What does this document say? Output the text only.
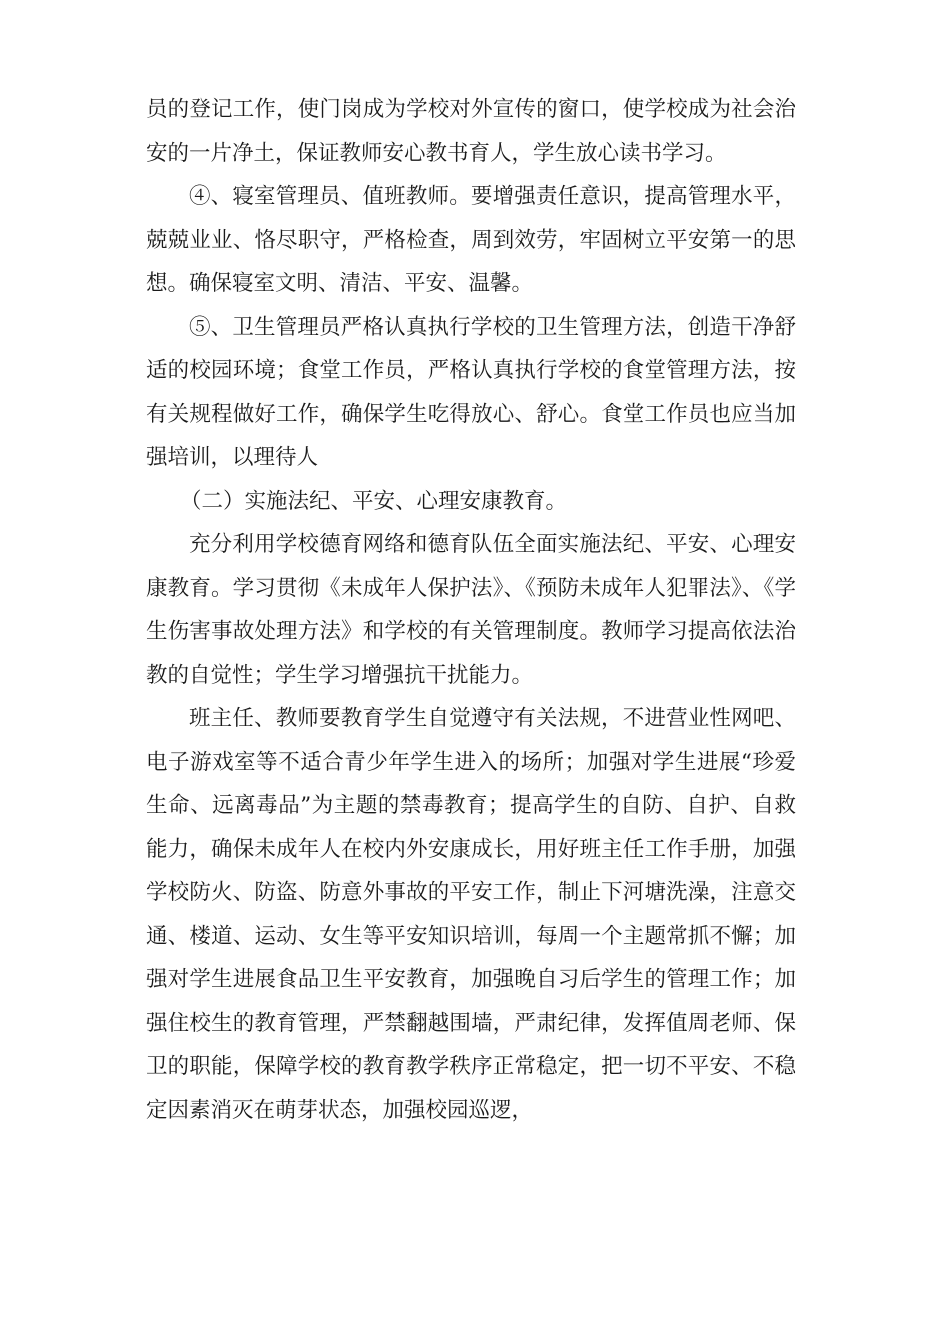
员的登记工作，使门岗成为学校对外宣传的窗口，使学校成为社会治安的一片净土，保证教师安心教书育人，学生放心读书学习。

④、寝室管理员、值班教师。要增强责任意识，提高管理水平，兢兢业业、恪尽职守，严格检查，周到效劳，牢固树立平安第一的思想。确保寝室文明、清洁、平安、温馨。

⑤、卫生管理员严格认真执行学校的卫生管理方法，创造干净舒适的校园环境；食堂工作员，严格认真执行学校的食堂管理方法，按有关规程做好工作，确保学生吃得放心、舒心。食堂工作员也应当加强培训，以理待人

（二）实施法纪、平安、心理安康教育。

充分利用学校德育网络和德育队伍全面实施法纪、平安、心理安康教育。学习贯彻《未成年人保护法》、《预防未成年人犯罪法》、《学生伤害事故处理方法》和学校的有关管理制度。教师学习提高依法治教的自觉性；学生学习增强抗干扰能力。

班主任、教师要教育学生自觉遵守有关法规，不进营业性网吧、电子游戏室等不适合青少年学生进入的场所；加强对学生进展“珍爱生命、远离毒品”为主题的禁毒教育；提高学生的自防、自护、自救能力，确保未成年人在校内外安康成长，用好班主任工作手册，加强学校防火、防盗、防意外事故的平安工作，制止下河塘洗澡，注意交通、楼道、运动、女生等平安知识培训，每周一个主题常抓不懈；加强对学生进展食品卫生平安教育，加强晚自习后学生的管理工作；加强住校生的教育管理，严禁翻越围墙，严肃纪律，发挥值周老师、保卫的职能，保障学校的教育教学秩序正常稳定，把一切不平安、不稳定因素消灭在萌芽状态，加强校园巡逻，
